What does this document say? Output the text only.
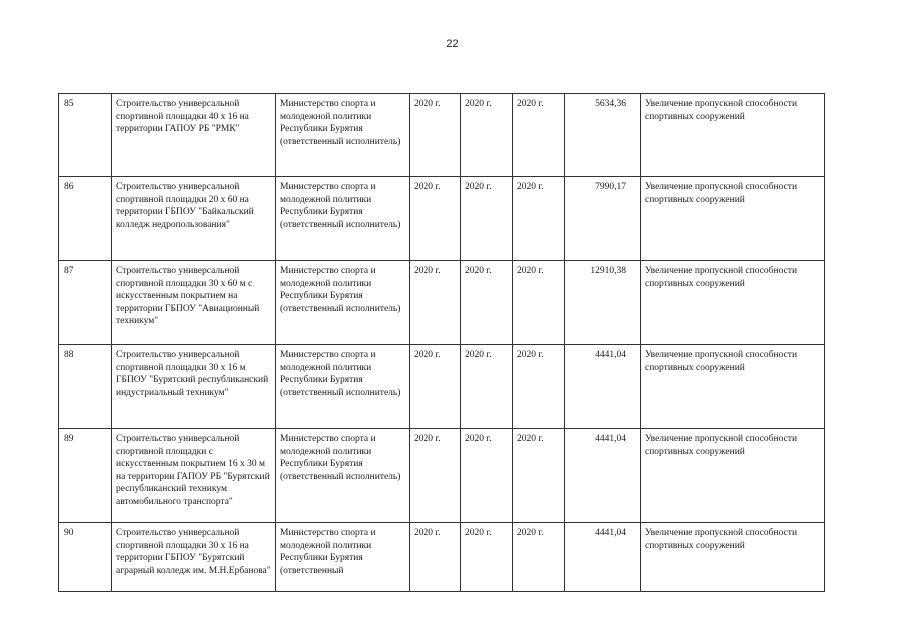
22
85	Строительство универсальной спортивной площадки 40 х 16 на территории ГАПОУ РБ "РМК"	Министерство спорта и молодежной политики Республики Бурятия (ответственный исполнитель)	2020 г.	2020 г.	2020 г.	5634,36	Увеличение пропускной способности спортивных сооружений
86	Строительство универсальной спортивной площадки 20 х 60 на территории ГБПОУ "Байкальский колледж недропользования"	Министерство спорта и молодежной политики Республики Бурятия (ответственный исполнитель)	2020 г.	2020 г.	2020 г.	7990,17	Увеличение пропускной способности спортивных сооружений
87	Строительство универсальной спортивной площадки 30 х 60 м с искусственным покрытием на территории ГБПОУ "Авиационный техникум"	Министерство спорта и молодежной политики Республики Бурятия (ответственный исполнитель)	2020 г.	2020 г.	2020 г.	12910,38	Увеличение пропускной способности спортивных сооружений
88	Строительство универсальной спортивной площадки 30 х 16 м ГБПОУ "Бурятский республиканский индустриальный техникум"	Министерство спорта и молодежной политики Республики Бурятия (ответственный исполнитель)	2020 г.	2020 г.	2020 г.	4441,04	Увеличение пропускной способности спортивных сооружений
89	Строительство универсальной спортивной площадки с искусственным покрытием 16 х 30 м на территории ГАПОУ РБ "Бурятский республиканский техникум автомобильного транспорта"	Министерство спорта и молодежной политики Республики Бурятия (ответственный исполнитель)	2020 г.	2020 г.	2020 г.	4441,04	Увеличение пропускной способности спортивных сооружений
90	Строительство универсальной спортивной площадки 30 х 16 на территории ГБПОУ "Бурятский аграрный колледж им. М.Н.Ербанова"	Министерство спорта и молодежной политики Республики Бурятия (ответственный	2020 г.	2020 г.	2020 г.	4441,04	Увеличение пропускной способности спортивных сооружений
